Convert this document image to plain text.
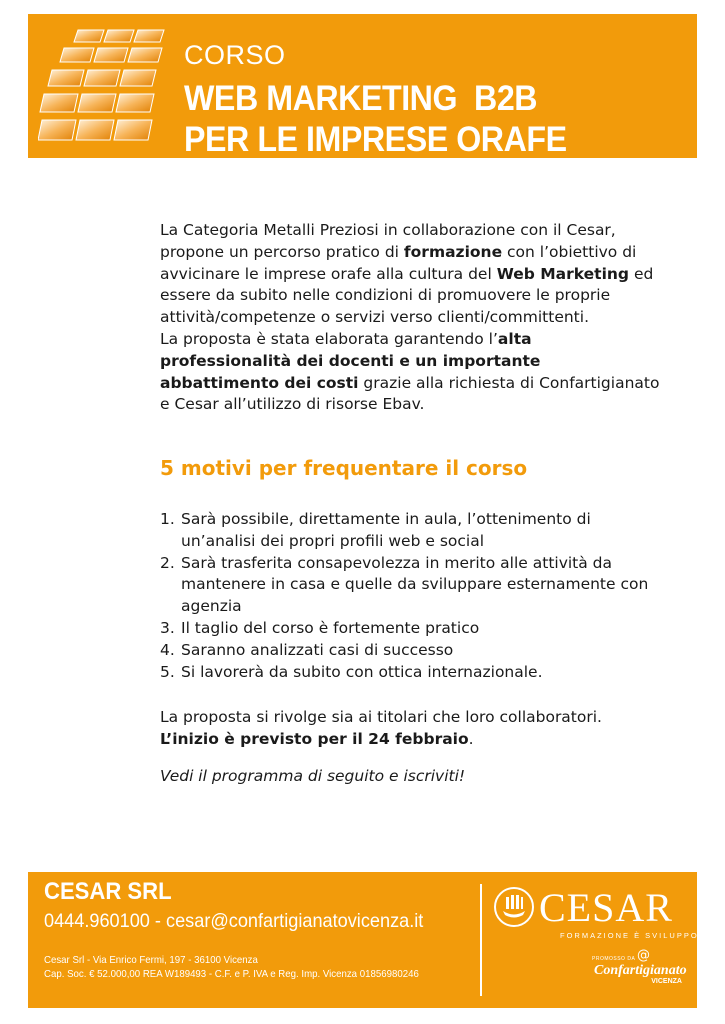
CORSO
WEB MARKETING  B2B
PER LE IMPRESE ORAFE

La Categoria Metalli Preziosi in collaborazione con il Cesar, propone un percorso pratico di formazione con l’obiettivo di avvicinare le imprese orafe alla cultura del Web Marketing ed essere da subito nelle condizioni di promuovere le proprie attività/competenze o servizi verso clienti/committenti.
La proposta è stata elaborata garantendo l’alta professionalità dei docenti e un importante abbattimento dei costi grazie alla richiesta di Confartigianato e Cesar all’utilizzo di risorse Ebav.

5 motivi per frequentare il corso
1. Sarà possibile, direttamente in aula, l’ottenimento di un’analisi dei propri profili web e social
2. Sarà trasferita consapevolezza in merito alle attività da mantenere in casa e quelle da sviluppare esternamente con agenzia
3. Il taglio del corso è fortemente pratico
4. Saranno analizzati casi di successo
5. Si lavorerà da subito con ottica internazionale.

La proposta si rivolge sia ai titolari che loro collaboratori.
L’inizio è previsto per il 24 febbraio.

Vedi il programma di seguito e iscriviti!

CESAR SRL

0444.960100 - cesar@confartigianatovicenza.it

Cesar Srl - Via Enrico Fermi, 197 - 36100 Vicenza

Cap. Soc. € 52.000,00 REA W189493 - C.F. e P. IVA e Reg. Imp. Vicenza 01856980246

CESAR

FORMAZIONE È SVILUPPO

PROMOSSO DA @
Confartigianato
VICENZA
